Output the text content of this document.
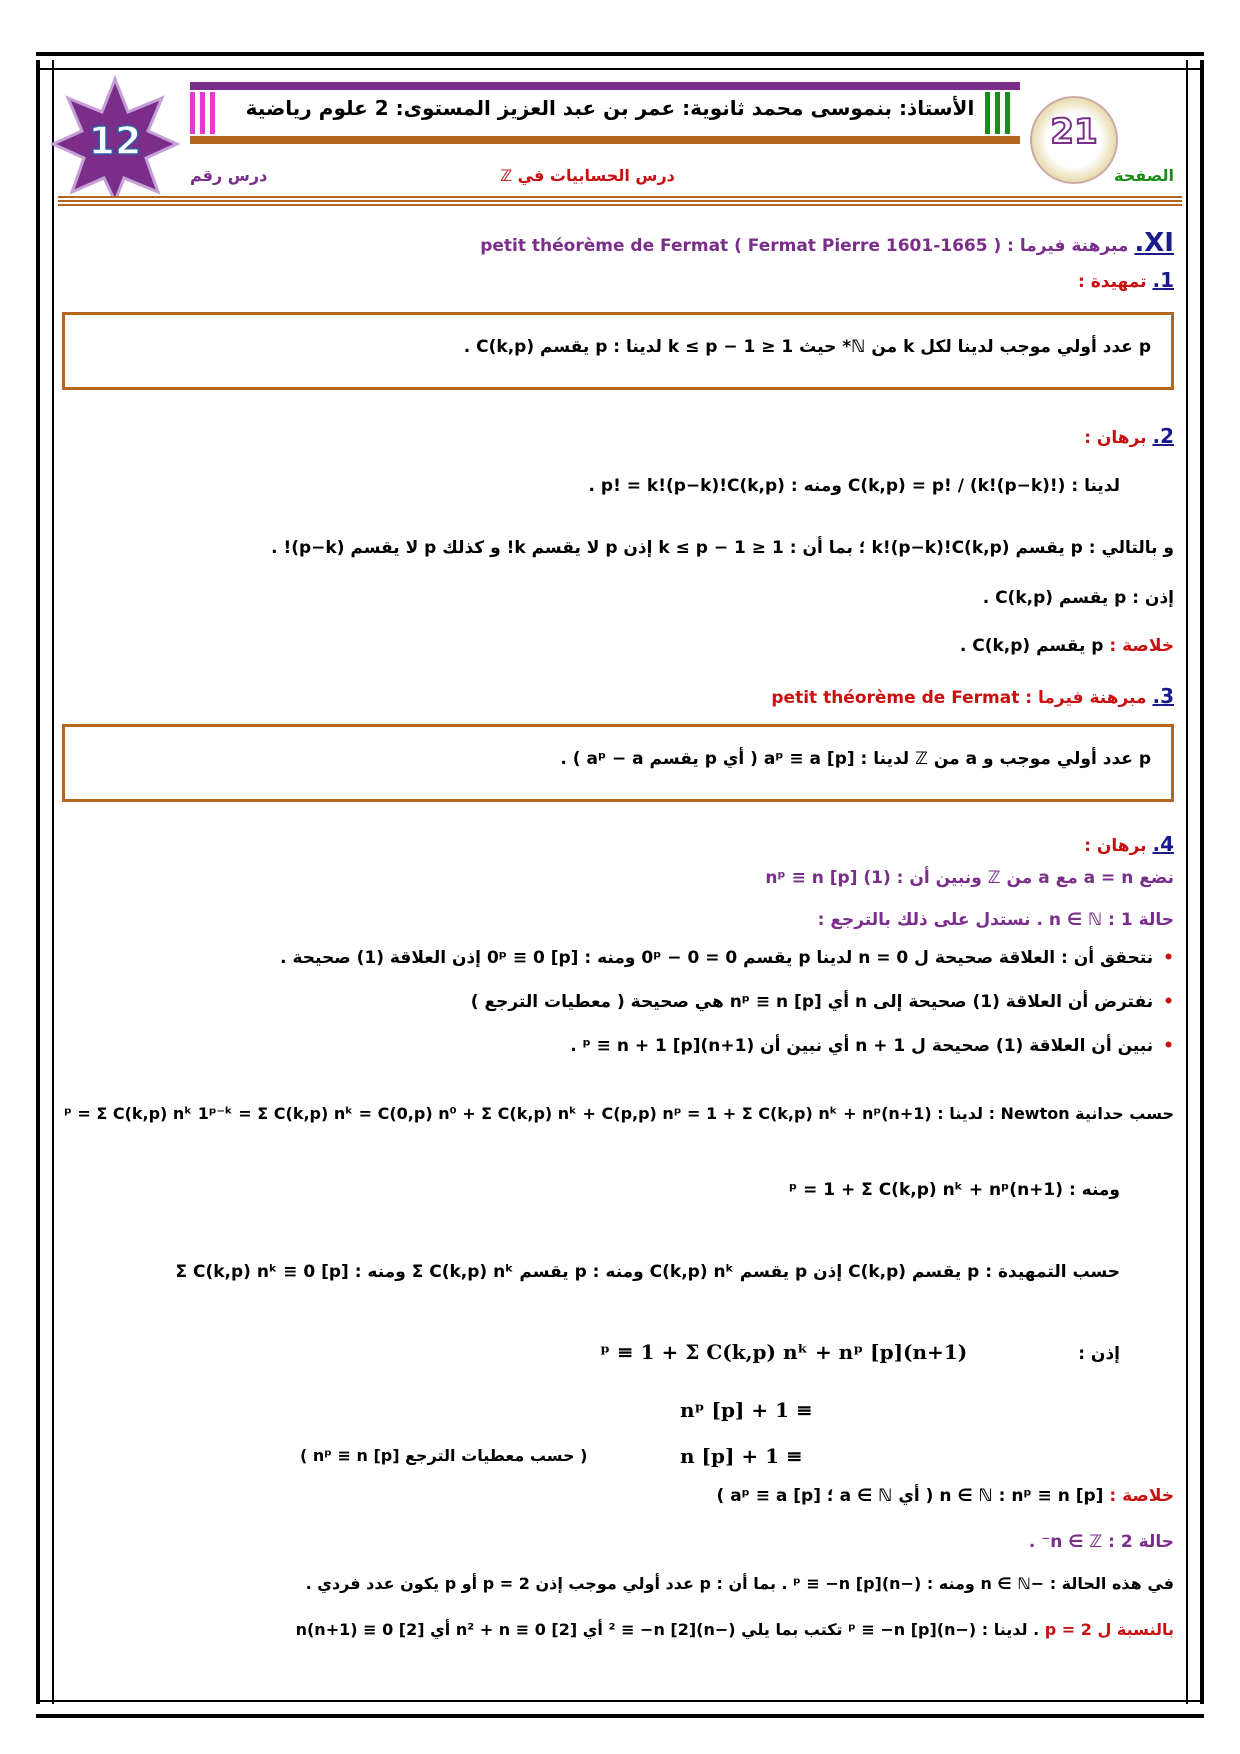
12
الأستاذ: بنموسى محمد ثانوية: عمر بن عبد العزيز المستوى: 2 علوم رياضية
21
درس رقم	درس الحسابيات في ℤ	الصفحة
XI. مبرهنة فيرما : petit théorème de Fermat ( Fermat Pierre 1601-1665 )
1. تمهيدة :
p عدد أولي موجب لدينا لكل k من ℕ* حيث 1 ≤ k ≤ p − 1 لدينا : p يقسم C(k,p) .
2. برهان :
لدينا : C(k,p) = p! / (k!(p−k)!) ومنه : p! = k!(p−k)!C(k,p) .
و بالتالي : p يقسم k!(p−k)!C(k,p) ؛ بما أن : 1 ≤ k ≤ p − 1 إذن p لا يقسم k! و كذلك p لا يقسم (p−k)! .
إذن : p يقسم C(k,p) .
خلاصة : p يقسم C(k,p) .
3. مبرهنة فيرما : petit théorème de Fermat
p عدد أولي موجب و a من ℤ لدينا : aᵖ ≡ a [p] ( أي p يقسم aᵖ − a ) .
4. برهان :
نضع a = n مع a من ℤ ونبين أن : nᵖ ≡ n [p] (1)
حالة 1 : n ∈ ℕ . نستدل على ذلك بالترجع :
• نتحقق أن : العلاقة صحيحة ل n = 0 لدينا p يقسم 0 = 0 − 0ᵖ ومنه : 0ᵖ ≡ 0 [p] إذن العلاقة (1) صحيحة .
• نفترض أن العلاقة (1) صحيحة إلى n أي nᵖ ≡ n [p] هي صحيحة ( معطيات الترجع )
• نبين أن العلاقة (1) صحيحة ل n + 1 أي نبين أن (n+1)ᵖ ≡ n + 1 [p] .
حسب حدانية Newton : لدينا : (n+1)ᵖ = Σ C(k,p) nᵏ 1ᵖ⁻ᵏ = Σ C(k,p) nᵏ = C(0,p) n⁰ + Σ C(k,p) nᵏ + C(p,p) nᵖ = 1 + Σ C(k,p) nᵏ + nᵖ
ومنه : (n+1)ᵖ = 1 + Σ C(k,p) nᵏ + nᵖ
حسب التمهيدة : p يقسم C(k,p) إذن p يقسم C(k,p) nᵏ ومنه : p يقسم Σ C(k,p) nᵏ ومنه : Σ C(k,p) nᵏ ≡ 0 [p]
إذن :
(n+1)ᵖ ≡ 1 + Σ C(k,p) nᵏ + nᵖ [p]
≡ 1 + nᵖ [p]
≡ 1 + n [p]
( حسب معطيات الترجع nᵖ ≡ n [p] )
خلاصة : n ∈ ℕ : nᵖ ≡ n [p] ( أي a ∈ ℕ ؛ aᵖ ≡ a [p] )
حالة 2 : n ∈ ℤ⁻ .
في هذه الحالة : −n ∈ ℕ ومنه : (−n)ᵖ ≡ −n [p] . بما أن : p عدد أولي موجب إذن p = 2 أو p يكون عدد فردي .
بالنسبة ل p = 2 . لدينا : (−n)ᵖ ≡ −n [p] تكتب بما يلي (−n)² ≡ −n [2] أي n² + n ≡ 0 [2] أي n(n+1) ≡ 0 [2]
